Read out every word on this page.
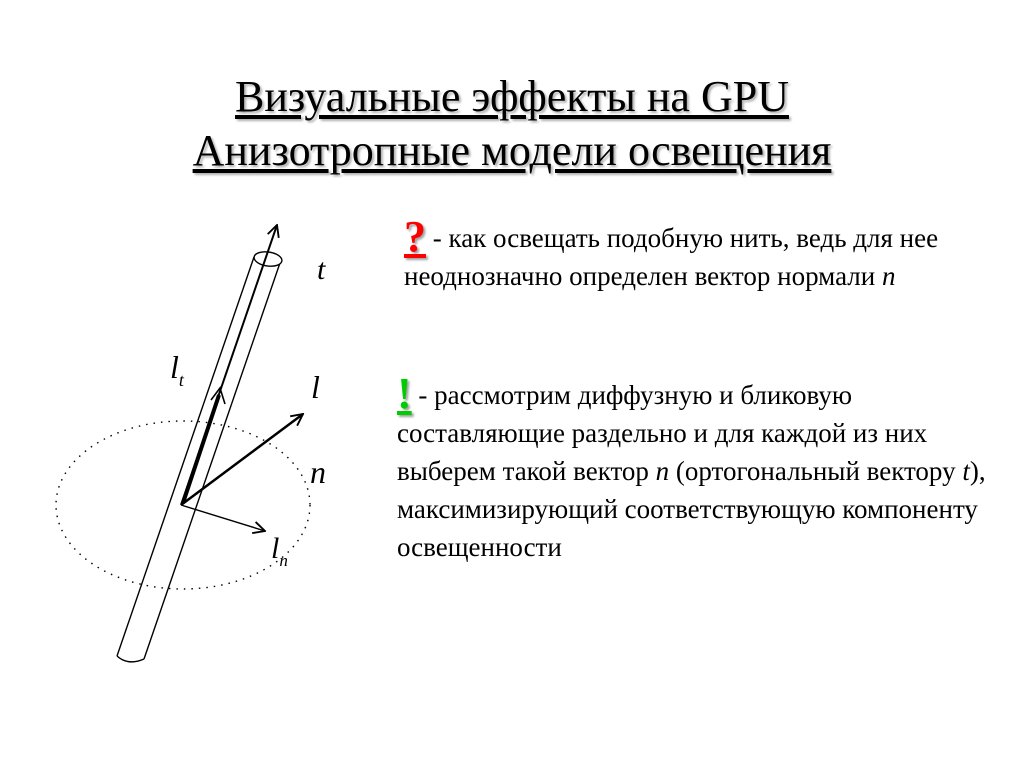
Визуальные эффекты на GPU
Анизотропные модели освещения
t
l
n
$l_t$
$l_n$
? - как освещать подобную нить, ведь для нее неоднозначно определен вектор нормали n
! - рассмотрим диффузную и бликовую составляющие раздельно и для каждой из них выберем такой вектор n (ортогональный вектору t), максимизирующий соответствующую компоненту освещенности
